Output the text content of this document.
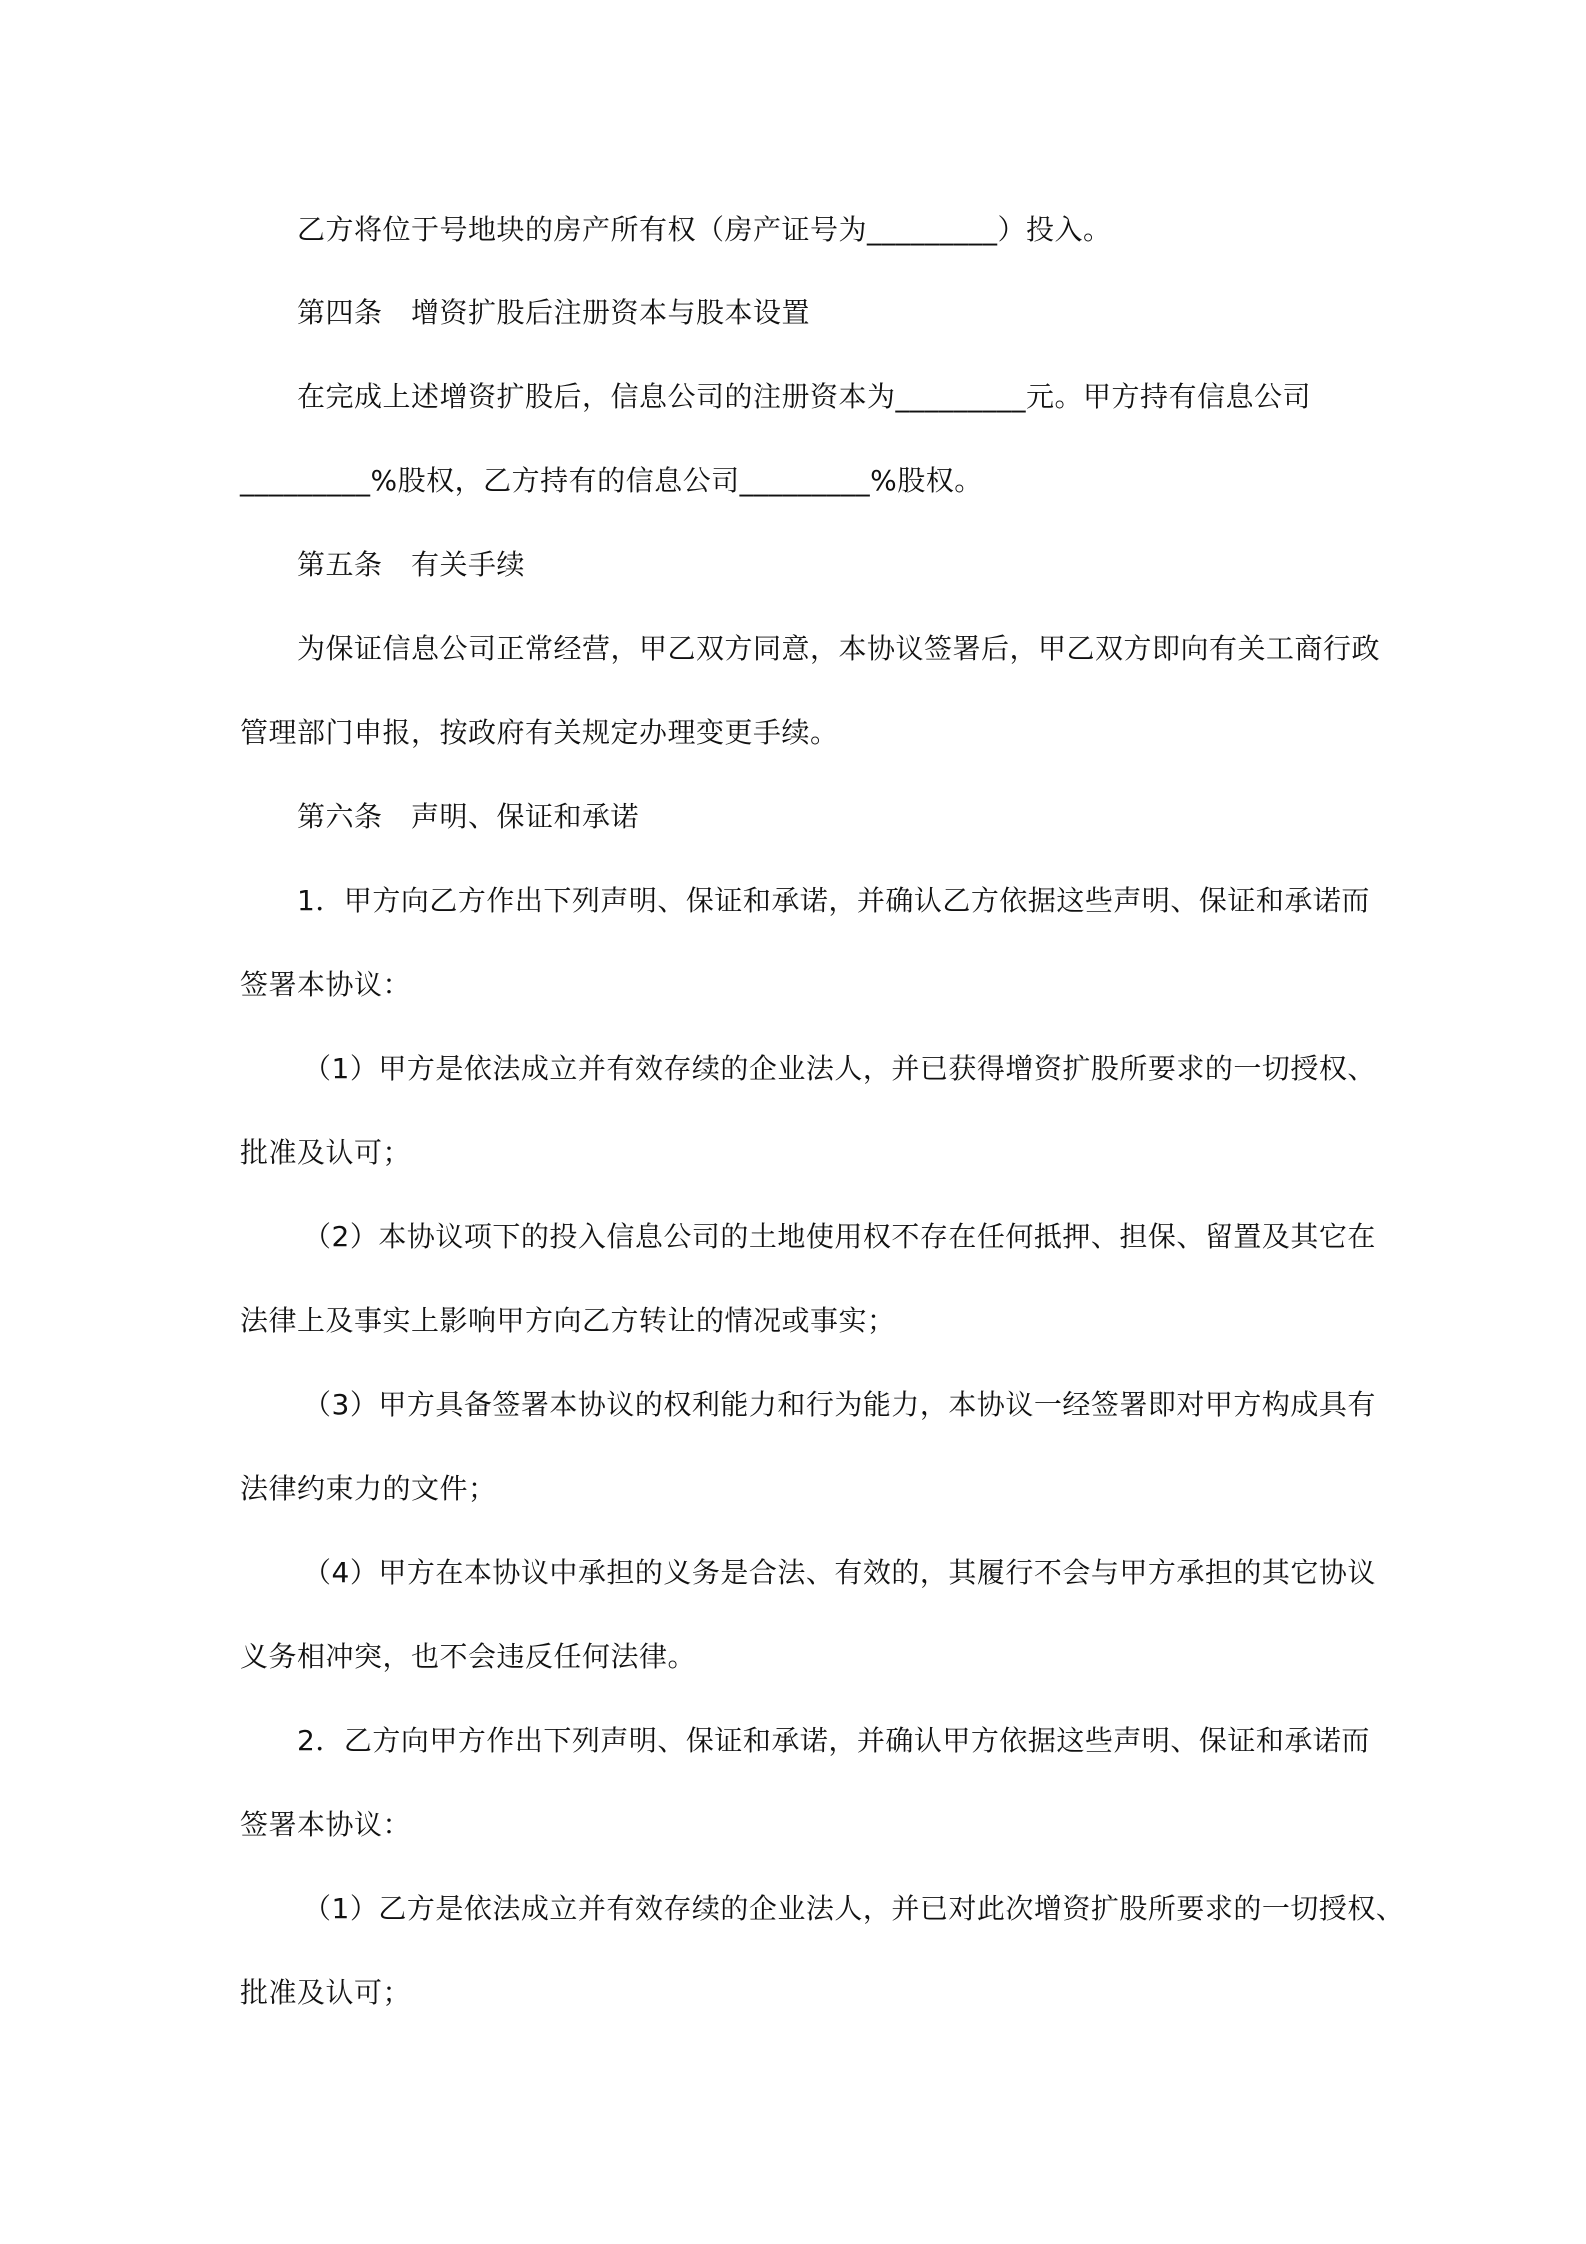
乙方将位于号地块的房产所有权（房产证号为_________）投入。
第四条　增资扩股后注册资本与股本设置
在完成上述增资扩股后，信息公司的注册资本为_________元。甲方持有信息公司
_________%股权，乙方持有的信息公司_________%股权。
第五条　有关手续
为保证信息公司正常经营，甲乙双方同意，本协议签署后，甲乙双方即向有关工商行政
管理部门申报，按政府有关规定办理变更手续。
第六条　声明、保证和承诺
1．甲方向乙方作出下列声明、保证和承诺，并确认乙方依据这些声明、保证和承诺而
签署本协议：
（1）甲方是依法成立并有效存续的企业法人，并已获得增资扩股所要求的一切授权、
批准及认可；
（2）本协议项下的投入信息公司的土地使用权不存在任何抵押、担保、留置及其它在
法律上及事实上影响甲方向乙方转让的情况或事实；
（3）甲方具备签署本协议的权利能力和行为能力，本协议一经签署即对甲方构成具有
法律约束力的文件；
（4）甲方在本协议中承担的义务是合法、有效的，其履行不会与甲方承担的其它协议
义务相冲突，也不会违反任何法律。
2．乙方向甲方作出下列声明、保证和承诺，并确认甲方依据这些声明、保证和承诺而
签署本协议：
（1）乙方是依法成立并有效存续的企业法人，并已对此次增资扩股所要求的一切授权、
批准及认可；
